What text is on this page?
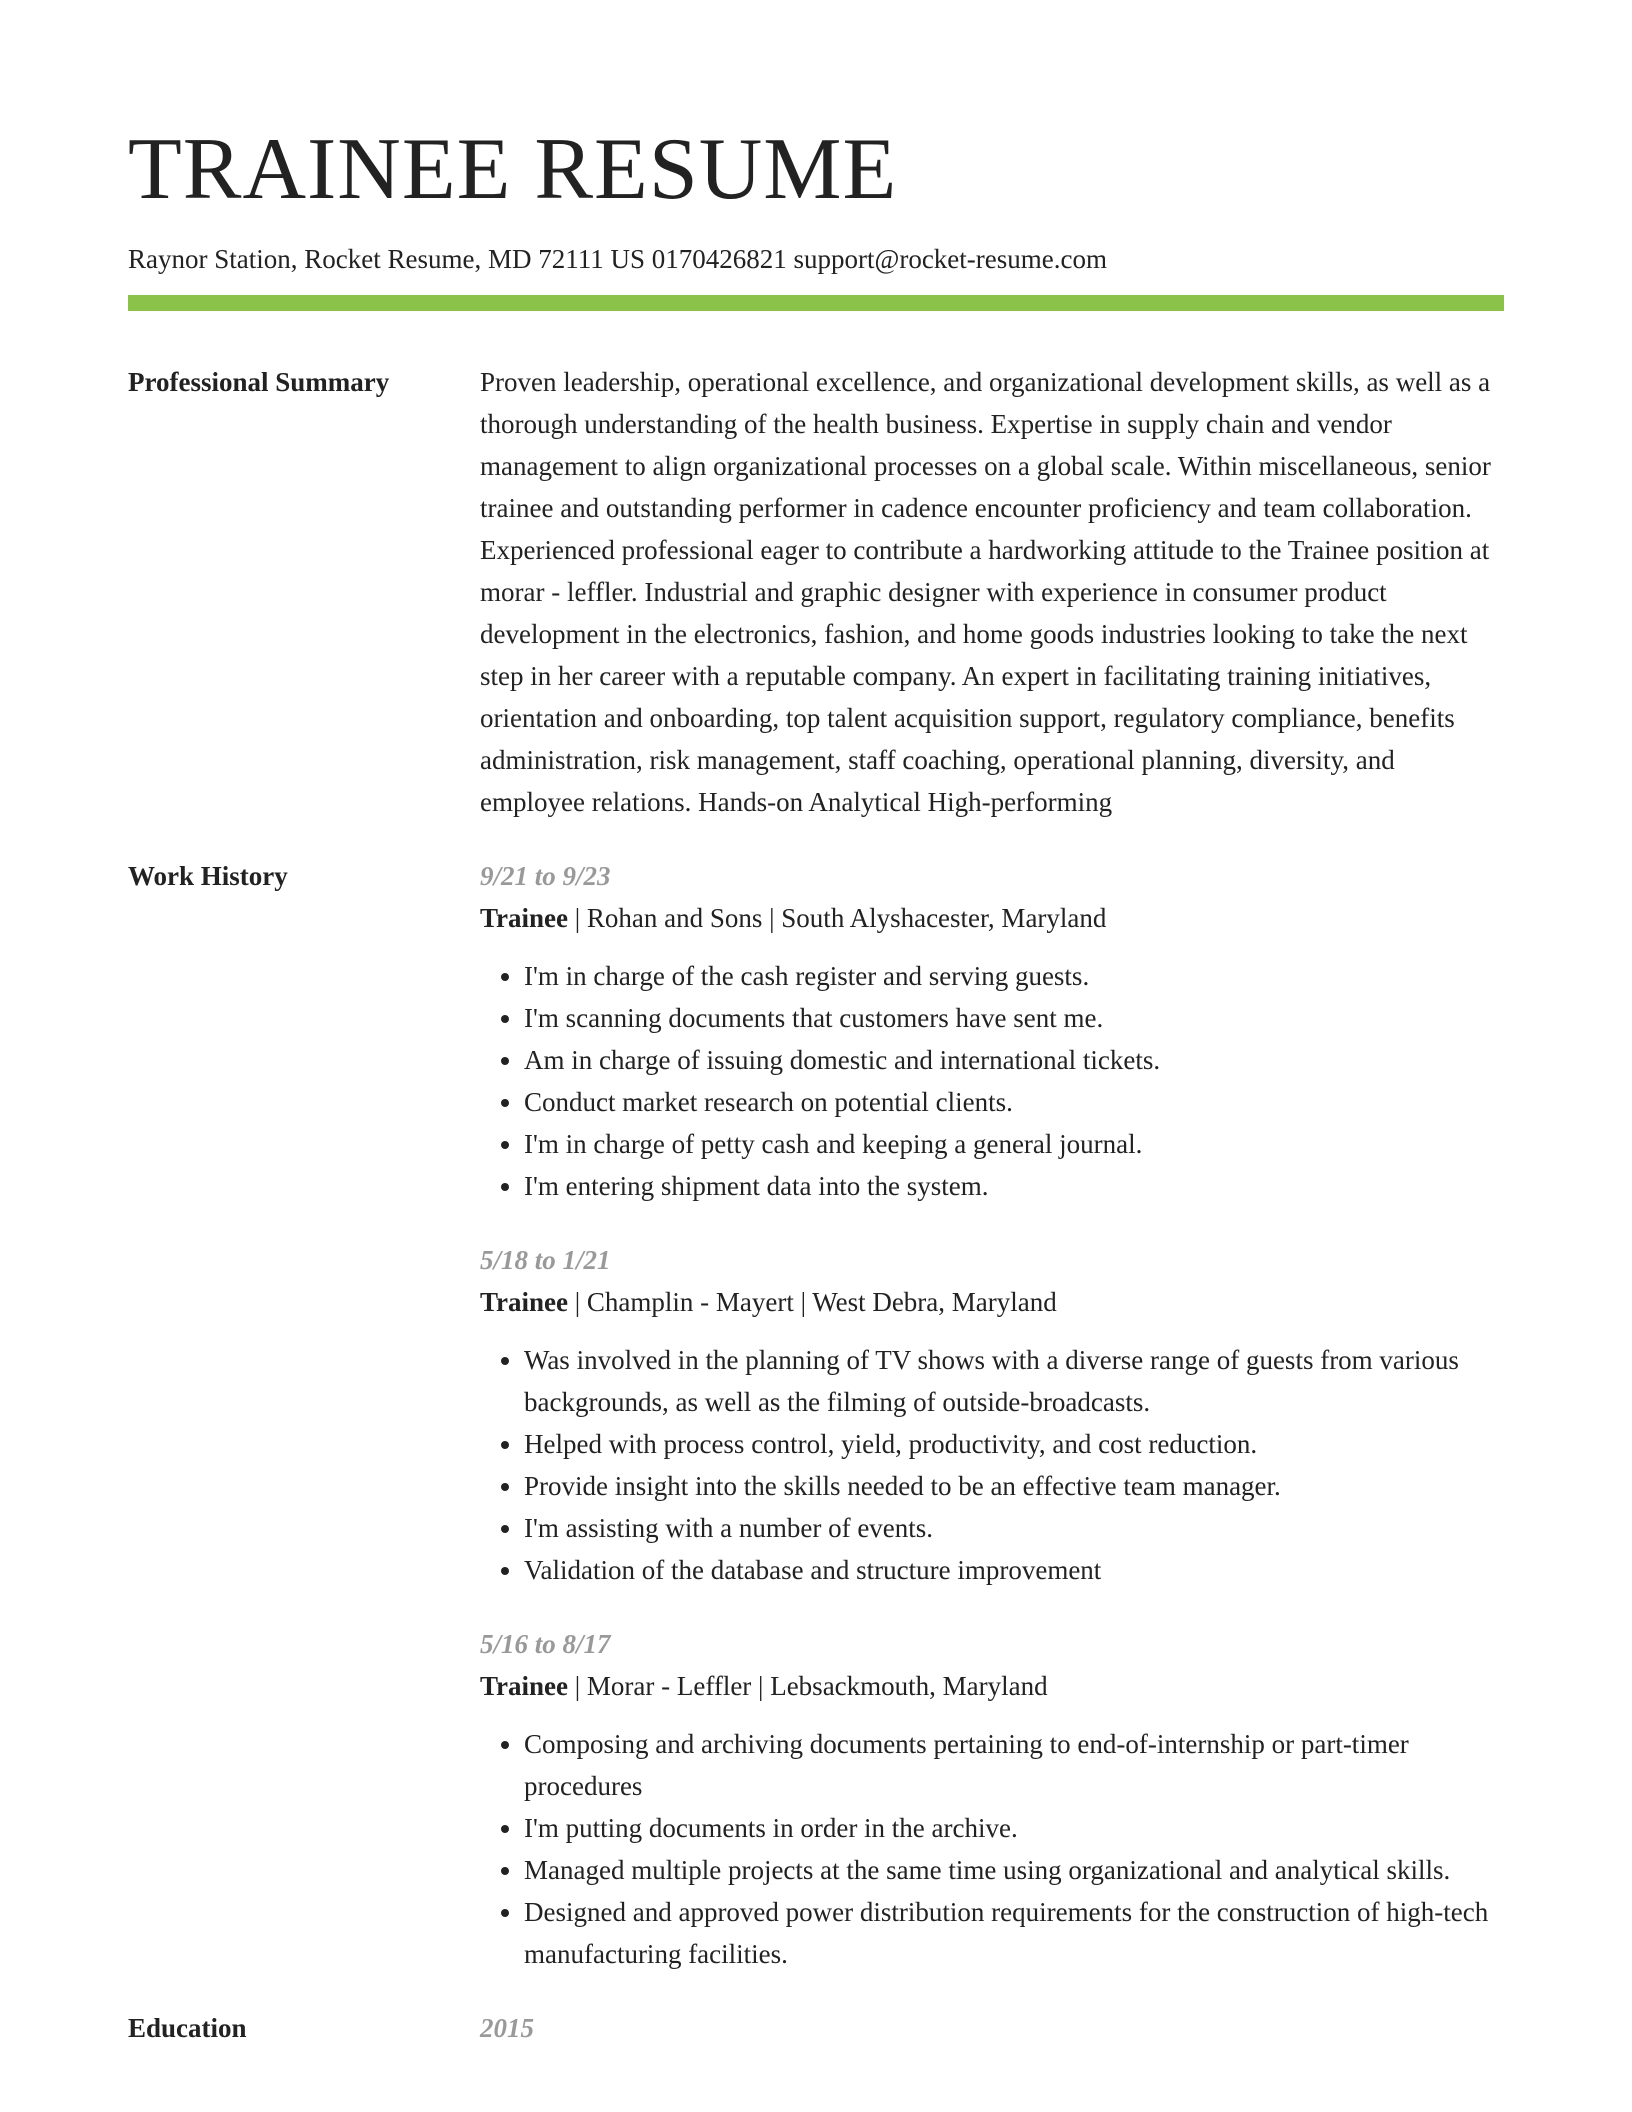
TRAINEE RESUME
Raynor Station, Rocket Resume, MD 72111 US 0170426821 support@rocket-resume.com
Professional Summary	Proven leadership, operational excellence, and organizational development skills, as well as a thorough understanding of the health business. Expertise in supply chain and vendor management to align organizational processes on a global scale. Within miscellaneous, senior trainee and outstanding performer in cadence encounter proficiency and team collaboration. Experienced professional eager to contribute a hardworking attitude to the Trainee position at morar - leffler. Industrial and graphic designer with experience in consumer product development in the electronics, fashion, and home goods industries looking to take the next step in her career with a reputable company. An expert in facilitating training initiatives, orientation and onboarding, top talent acquisition support, regulatory compliance, benefits administration, risk management, staff coaching, operational planning, diversity, and employee relations. Hands-on Analytical High-performing
Work History	9/21 to 9/23
Trainee | Rohan and Sons | South Alyshacester, Maryland
• I'm in charge of the cash register and serving guests.
• I'm scanning documents that customers have sent me.
• Am in charge of issuing domestic and international tickets.
• Conduct market research on potential clients.
• I'm in charge of petty cash and keeping a general journal.
• I'm entering shipment data into the system.
5/18 to 1/21
Trainee | Champlin - Mayert | West Debra, Maryland
• Was involved in the planning of TV shows with a diverse range of guests from various backgrounds, as well as the filming of outside-broadcasts.
• Helped with process control, yield, productivity, and cost reduction.
• Provide insight into the skills needed to be an effective team manager.
• I'm assisting with a number of events.
• Validation of the database and structure improvement
5/16 to 8/17
Trainee | Morar - Leffler | Lebsackmouth, Maryland
• Composing and archiving documents pertaining to end-of-internship or part-timer procedures
• I'm putting documents in order in the archive.
• Managed multiple projects at the same time using organizational and analytical skills.
• Designed and approved power distribution requirements for the construction of high-tech manufacturing facilities.
Education	2015
